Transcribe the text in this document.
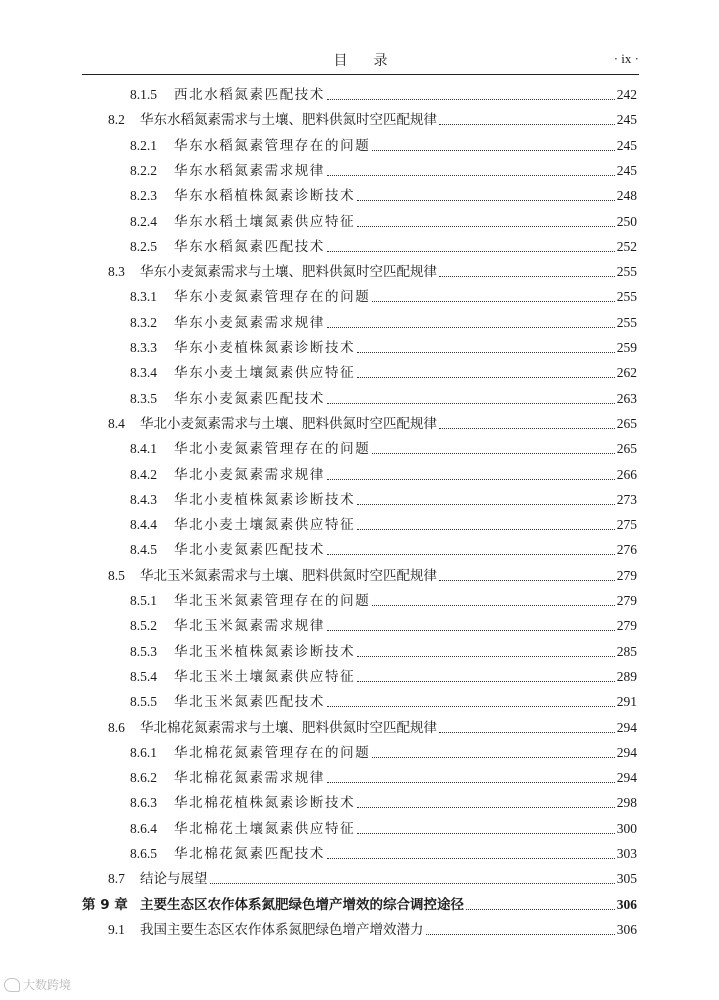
目录	· ix ·
8.1.5	西北水稻氮素匹配技术	242
8.2	华东水稻氮素需求与土壤、肥料供氮时空匹配规律	245
8.2.1	华东水稻氮素管理存在的问题	245
8.2.2	华东水稻氮素需求规律	245
8.2.3	华东水稻植株氮素诊断技术	248
8.2.4	华东水稻土壤氮素供应特征	250
8.2.5	华东水稻氮素匹配技术	252
8.3	华东小麦氮素需求与土壤、肥料供氮时空匹配规律	255
8.3.1	华东小麦氮素管理存在的问题	255
8.3.2	华东小麦氮素需求规律	255
8.3.3	华东小麦植株氮素诊断技术	259
8.3.4	华东小麦土壤氮素供应特征	262
8.3.5	华东小麦氮素匹配技术	263
8.4	华北小麦氮素需求与土壤、肥料供氮时空匹配规律	265
8.4.1	华北小麦氮素管理存在的问题	265
8.4.2	华北小麦氮素需求规律	266
8.4.3	华北小麦植株氮素诊断技术	273
8.4.4	华北小麦土壤氮素供应特征	275
8.4.5	华北小麦氮素匹配技术	276
8.5	华北玉米氮素需求与土壤、肥料供氮时空匹配规律	279
8.5.1	华北玉米氮素管理存在的问题	279
8.5.2	华北玉米氮素需求规律	279
8.5.3	华北玉米植株氮素诊断技术	285
8.5.4	华北玉米土壤氮素供应特征	289
8.5.5	华北玉米氮素匹配技术	291
8.6	华北棉花氮素需求与土壤、肥料供氮时空匹配规律	294
8.6.1	华北棉花氮素管理存在的问题	294
8.6.2	华北棉花氮素需求规律	294
8.6.3	华北棉花植株氮素诊断技术	298
8.6.4	华北棉花土壤氮素供应特征	300
8.6.5	华北棉花氮素匹配技术	303
8.7	结论与展望	305
第 9 章 主要生态区农作体系氮肥绿色增产增效的综合调控途径	306
9.1	我国主要生态区农作体系氮肥绿色增产增效潜力	306
大数跨境
